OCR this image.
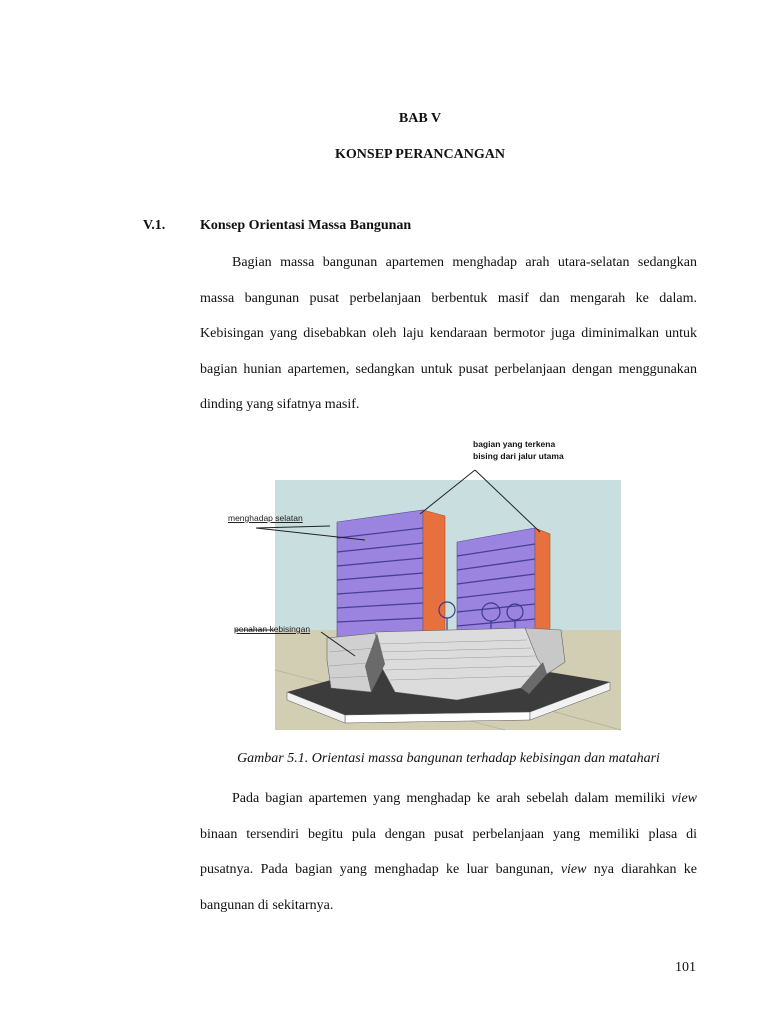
BAB V
KONSEP PERANCANGAN
V.1. Konsep Orientasi Massa Bangunan

Bagian massa bangunan apartemen menghadap arah utara-selatan sedangkan massa bangunan pusat perbelanjaan berbentuk masif dan mengarah ke dalam. Kebisingan yang disebabkan oleh laju kendaraan bermotor juga diminimalkan untuk bagian hunian apartemen, sedangkan untuk pusat perbelanjaan dengan menggunakan dinding yang sifatnya masif.

bagian yang terkena
bising dari jalur utama
menghadap selatan
penahan kebisingan
Gambar 5.1. Orientasi massa bangunan terhadap kebisingan dan matahari

Pada bagian apartemen yang menghadap ke arah sebelah dalam memiliki view binaan tersendiri begitu pula dengan pusat perbelanjaan yang memiliki plasa di pusatnya. Pada bagian yang menghadap ke luar bangunan, view nya diarahkan ke bangunan di sekitarnya.

101
